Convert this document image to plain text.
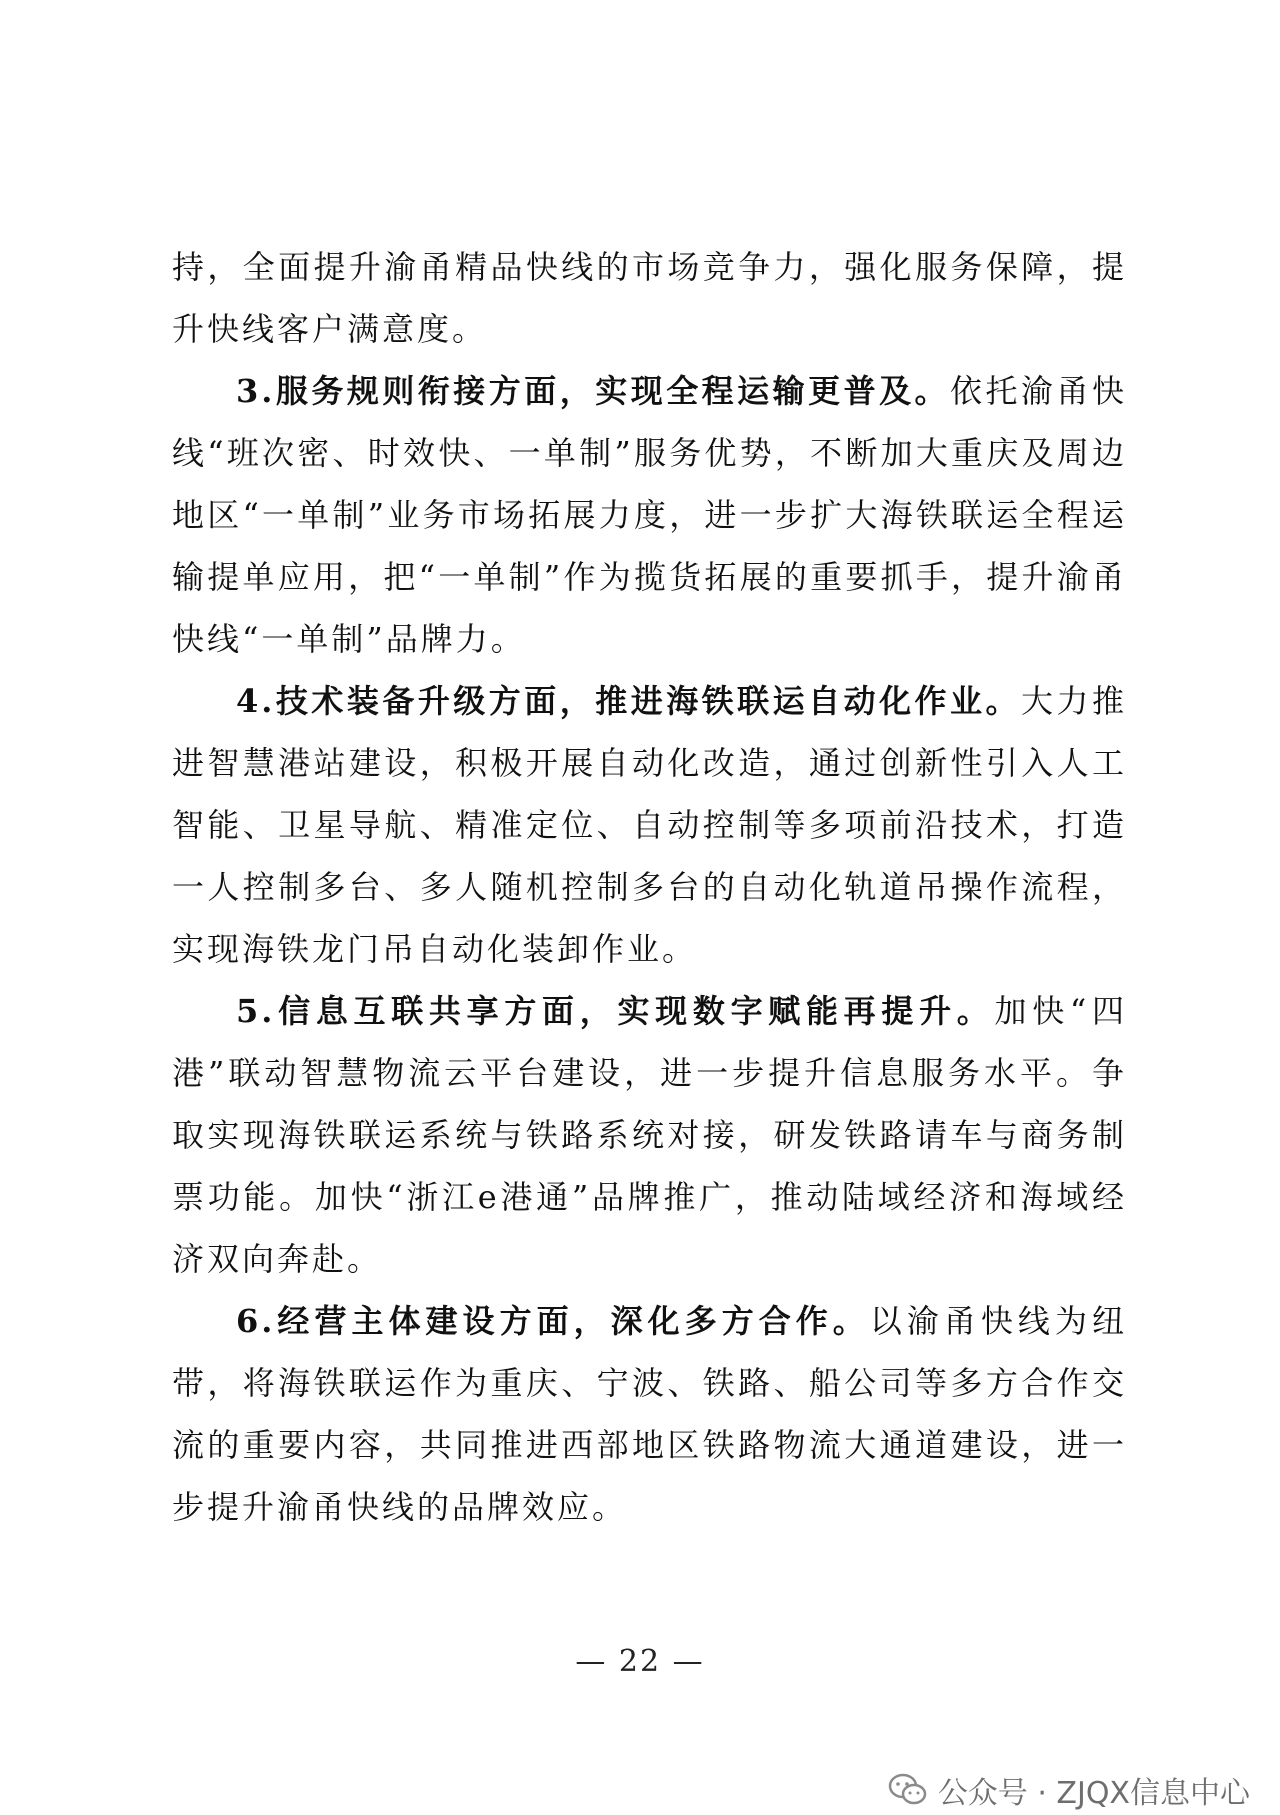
持，全面提升渝甬精品快线的市场竞争力，强化服务保障，提升快线客户满意度。

3.服务规则衔接方面，实现全程运输更普及。依托渝甬快线“班次密、时效快、一单制”服务优势，不断加大重庆及周边地区“一单制”业务市场拓展力度，进一步扩大海铁联运全程运输提单应用，把“一单制”作为揽货拓展的重要抓手，提升渝甬快线“一单制”品牌力。

4.技术装备升级方面，推进海铁联运自动化作业。大力推进智慧港站建设，积极开展自动化改造，通过创新性引入人工智能、卫星导航、精准定位、自动控制等多项前沿技术，打造一人控制多台、多人随机控制多台的自动化轨道吊操作流程，实现海铁龙门吊自动化装卸作业。

5.信息互联共享方面，实现数字赋能再提升。加快“四港”联动智慧物流云平台建设，进一步提升信息服务水平。争取实现海铁联运系统与铁路系统对接，研发铁路请车与商务制票功能。加快“浙江e港通”品牌推广，推动陆域经济和海域经济双向奔赴。

6.经营主体建设方面，深化多方合作。以渝甬快线为纽带，将海铁联运作为重庆、宁波、铁路、船公司等多方合作交流的重要内容，共同推进西部地区铁路物流大通道建设，进一步提升渝甬快线的品牌效应。

— 22 —
公众号 · ZJQX信息中心
